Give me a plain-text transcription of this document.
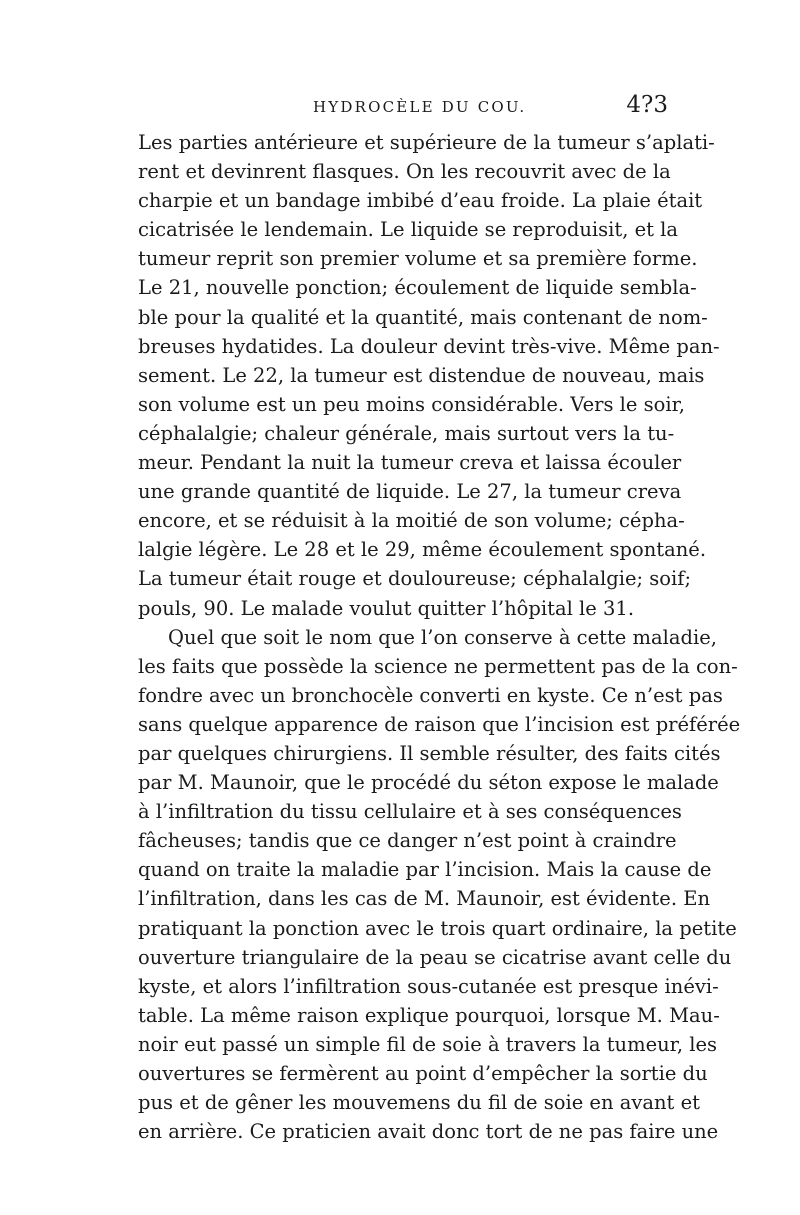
HYDROCÈLE DU COU.	4?3
Les parties antérieure et supérieure de la tumeur s’aplati-
rent et devinrent flasques. On les recouvrit avec de la
charpie et un bandage imbibé d’eau froide. La plaie était
cicatrisée le lendemain. Le liquide se reproduisit, et la
tumeur reprit son premier volume et sa première forme.
Le 21, nouvelle ponction; écoulement de liquide sembla-
ble pour la qualité et la quantité, mais contenant de nom-
breuses hydatides. La douleur devint très-vive. Même pan-
sement. Le 22, la tumeur est distendue de nouveau, mais
son volume est un peu moins considérable. Vers le soir,
céphalalgie; chaleur générale, mais surtout vers la tu-
meur. Pendant la nuit la tumeur creva et laissa écouler
une grande quantité de liquide. Le 27, la tumeur creva
encore, et se réduisit à la moitié de son volume; cépha-
lalgie légère. Le 28 et le 29, même écoulement spontané.
La tumeur était rouge et douloureuse; céphalalgie; soif;
pouls, 90. Le malade voulut quitter l’hôpital le 31.
Quel que soit le nom que l’on conserve à cette maladie,
les faits que possède la science ne permettent pas de la con-
fondre avec un bronchocèle converti en kyste. Ce n’est pas
sans quelque apparence de raison que l’incision est préférée
par quelques chirurgiens. Il semble résulter, des faits cités
par M. Maunoir, que le procédé du séton expose le malade
à l’infiltration du tissu cellulaire et à ses conséquences
fâcheuses; tandis que ce danger n’est point à craindre
quand on traite la maladie par l’incision. Mais la cause de
l’infiltration, dans les cas de M. Maunoir, est évidente. En
pratiquant la ponction avec le trois quart ordinaire, la petite
ouverture triangulaire de la peau se cicatrise avant celle du
kyste, et alors l’infiltration sous-cutanée est presque inévi-
table. La même raison explique pourquoi, lorsque M. Mau-
noir eut passé un simple fil de soie à travers la tumeur, les
ouvertures se fermèrent au point d’empêcher la sortie du
pus et de gêner les mouvemens du fil de soie en avant et
en arrière. Ce praticien avait donc tort de ne pas faire une
